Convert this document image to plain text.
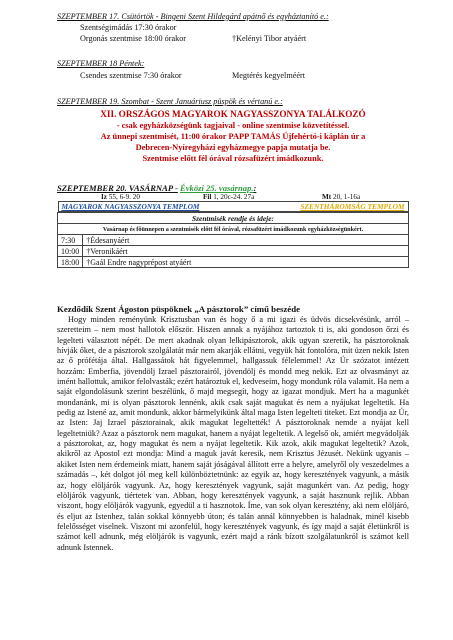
SZEPTEMBER 17. Csütörtök - Bingeni Szent Hildegárd apátnő és egyháztanító e.:
Szentségimádás 17:30 órakor
Orgonás szentmise 18:00 órakor	†Kelényi Tibor atyáért
SZEPTEMBER 18 Péntek:
Csendes szentmise 7:30 órakor	Megtérés kegyelméért
SZEPTEMBER 19. Szombat - Szent Januáriusz püspök és vértanú e.:
XII. ORSZÁGOS MAGYAROK NAGYASSZONYA TALÁLKOZÓ
- csak egyházközségünk tagjaival - online szentmise közvetítéssel.
Az ünnepi szentmisét, 11:00 órakor PAPP TAMÁS Újfehértó-i káplán úr a
Debrecen-Nyíregyházi egyházmegye papja mutatja be.
Szentmise előtt fél órával rózsafüzért imádkozunk.
SZEPTEMBER 20. VASÁRNAP - Évközi 25. vasárnap.:
Iz 55, 6-9. 20	Fil 1, 20c-24. 27a	Mt 20, 1-16a
MAGYAROK NAGYASSZONYA TEMPLOM SZENTHÁROMSÁG TEMPLOM	

Szentmisék rendje és ideje:	
Vasárnap és főünnepen a szentmisék előtt fél órával, rózsafüzért imádkozunk egyházközségünkért.	
7:30	†Édesanyáért
10:00	†Veronikáért
18:00	†Gaál Endre nagyprépost atyáért
Kezdődik Szent Ágoston püspöknek „A pásztorok” című beszéde

Hogy minden reményünk Krisztusban van és hogy ő a mi igazi és üdvös dicsekvésünk, arról – szeretteim – nem most hallotok először. Hiszen annak a nyájához tartoztok ti is, aki gondoson őrzi és legelteti választott népét. De mert akadnak olyan lelkipásztorok, akik ugyan szeretik, ha pásztoroknak hívják őket, de a pásztorok szolgálatát már nem akarják ellátni, vegyük hát fontolóra, mit üzen nekik Isten az ő prófétája által. Hallgassátok hát figyelemmel, hallgassuk félelemmel! Az Úr szózatot intézett hozzám: Emberfia, jövendölj Izrael pásztorairól, jövendölj és mondd meg nekik. Ezt az olvasmányt az imént hallottuk, amikor felolvasták; ezért határoztuk el, kedveseim, hogy mondunk róla valamit. Ha nem a saját elgondolásunk szerint beszélünk, ő majd megsegít, hogy az igazat mondjuk. Mert ha a magunkét mondanánk, mi is olyan pásztorok lennénk, akik csak saját magukat és nem a nyájukat legeltetik. Ha pedig az Istené az, amit mondunk, akkor bármelyikünk által maga Isten legelteti titeket. Ezt mondja az Úr, az Isten: Jaj Izrael pásztorainak, akik magukat legeltették! A pásztoroknak nemde a nyájat kell legeltetniük? Azaz a pásztorok nem magukat, hanem a nyájat legeltetik. A legelső ok, amiért megvádolják a pásztorokat, az, hogy magukat és nem a nyájat legeltetik. Kik azok, akik magukat legeltetik? Azok, akikről az Apostol ezt mondja: Mind a maguk javát keresik, nem Krisztus Jézusét. Nekünk ugyanis – akiket Isten nem érdemeink miatt, hanem saját jóságával állított erre a helyre, amelyről oly veszedelmes a számadás –, két dolgot jól meg kell különböztetnünk: az egyik az, hogy keresztények vagyunk, a másik az, hogy elöljárók vagyunk. Az, hogy keresztények vagyunk, saját magunkért van. Az pedig, hogy elöljárók vagyunk, tiértetek van. Abban, hogy keresztények vagyunk, a saját hasznunk rejlik. Abban viszont, hogy elöljárók vagyunk, egyedül a ti hasznotok. Íme, van sok olyan keresztény, aki nem elöljáró, és eljut az Istenhez, talán sokkal könnyebb úton; és talán annál könnyebben is haladnak, minél kisebb felelősséget viselnek. Viszont mi azonfelül, hogy keresztények vagyunk, és így majd a saját életünkről is számot kell adnunk, még elöljárók is vagyunk, ezért majd a ránk bízott szolgálatunkról is számot kell adnunk Istennek.
